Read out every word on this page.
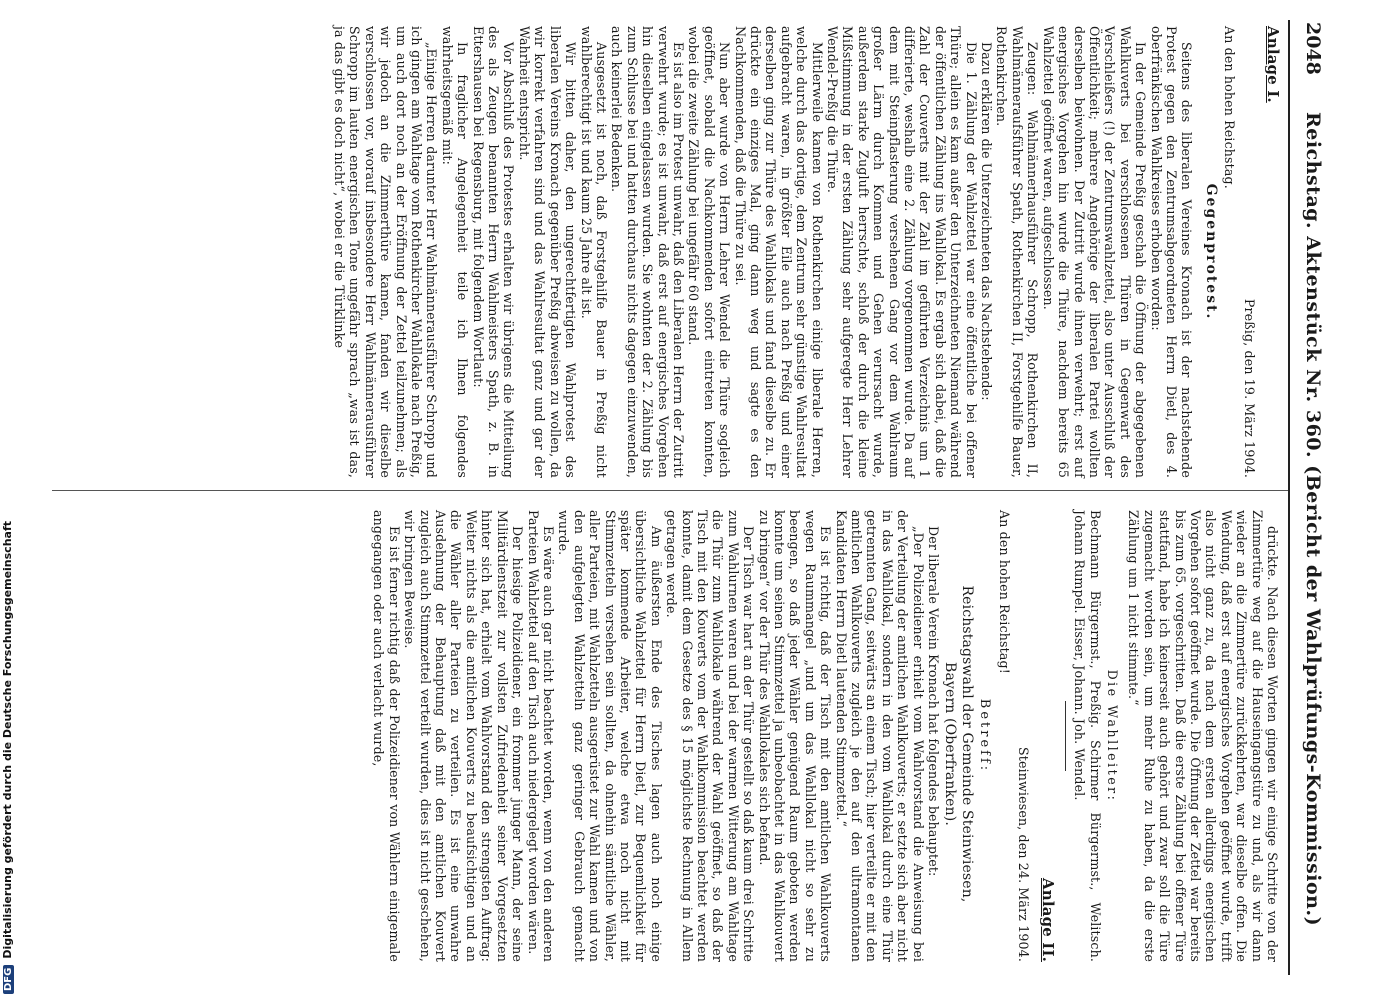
2048
Reichstag. Aktenstück Nr. 360. (Bericht der Wahlprüfungs-Kommission.)
Anlage I.
Preßig, den 19. März 1904.

An den hohen Reichstag.

Gegenprotest.

Seitens des liberalen Vereines Kronach ist der nachstehende Protest gegen den Zentrumsabgeordneten Herrn Dietl, des 4. oberfränkischen Wahlkreises erhoben worden:

In der Gemeinde Preßig geschah die Öffnung der abgegebenen Wahlkuverts bei verschlossenen Thüren in Gegenwart des Verschleißers (!) der Zentrumswahlzettel, also unter Ausschluß der Öffentlichkeit; mehrere Angehörige der liberalen Partei wollten derselben beiwohnen. Der Zutritt wurde ihnen verwehrt; erst auf energisches Vorgehen hin wurde die Thüre, nachdem bereits 65 Wahlzettel geöffnet waren, aufgeschlossen.

Zeugen: Wahlmännerhausführer Schropp, Rothenkirchen II, Wahlmänneraufsführer Spath, Rothenkirchen II, Forstgehilfe Bauer, Rothenkirchen.

Dazu erklären die Unterzeichneten das Nachstehende:

Die 1. Zählung der Wahlzettel war eine öffentliche bei offener Thüre; allein es kam außer den Unterzeichneten Niemand während der öffentlichen Zählung ins Wahllokal. Es ergab sich dabei, daß die Zahl der Couverts mit der Zahl im geführten Verzeichnis um 1 differierte, weshalb eine 2. Zählung vorgenommen wurde. Da auf dem mit Steinpflasterung versehenen Gang vor dem Wahlraum großer Lärm durch Kommen und Gehen verursacht wurde, außerdem starke Zugluft herrschte, schloß der durch die kleine Mißstimmung in der ersten Zählung sehr aufgeregte Herr Lehrer Wendel-Preßig die Thüre.

Mittlerweile kamen von Rothenkirchen einige liberale Herren, welche durch das dortige, dem Zentrum sehr günstige Wahlresultat aufgebracht waren, in größter Eile auch nach Preßig und einer derselben ging zur Thüre des Wahllokals und fand dieselbe zu. Er drückte ein einziges Mal, ging dann weg und sagte es den Nachkommenden, daß die Thüre zu sei.

Nun aber wurde von Herrn Lehrer Wendel die Thüre sogleich geöffnet, sobald die Nachkommenden sofort eintreten konnten, wobei die zweite Zählung bei ungefähr 60 stand.

Es ist also im Protest unwahr, daß den Liberalen Herrn der Zutritt verwehrt wurde; es ist unwahr, daß erst auf energisches Vorgehen hin dieselben eingelassen wurden. Sie wohnten der 2. Zählung bis zum Schlusse bei und hatten durchaus nichts dagegen einzuwenden, auch keinerlei Bedenken.

Ausgesetzt ist noch, daß Forstgehilfe Bauer in Preßig nicht wahlberechtigt ist und kaum 25 Jahre alt ist.

Wir bitten daher, den ungerechtfertigten Wahlprotest des liberalen Vereins Kronach gegenüber Preßig abweisen zu wollen, da wir korrekt verfahren sind und das Wahlresultat ganz und gar der Wahrheit entspricht.

Vor Abschluß des Protestes erhalten wir übrigens die Mitteilung des als Zeugen benannten Herrn Wahlmeisters Spath, z. B. in Ettershausen bei Regensburg, mit folgendem Wortlaut:

In fraglicher Angelegenheit teile ich Ihnen folgendes wahrheitsgemäß mit:

„Einige Herren darunter Herr Wahlmännerausführer Schropp und ich gingen am Wahltage vom Rothenkircher Wahllokale nach Preßig, um auch dort noch an der Eröffnung der Zettel teilzunehmen; als wir jedoch an die Zimmerthüre kamen, fanden wir dieselbe verschlossen vor, worauf insbesondere Herr Wahlmännerausführer Schropp im lauten energischen Tone ungefähr sprach „was ist das, ja das gibt es doch nicht“, wobei er die Türklinke

drückte. Nach diesen Worten gingen wir einige Schritte von der Zimmertüre weg auf die Hauseingangstüre zu und, als wir dann wieder an die Zimmertüre zurückkehrten, war dieselbe offen. Die Wendung, daß erst auf energisches Vorgehen geöffnet wurde, trifft also nicht ganz zu, da nach dem ersten allerdings energischen Vorgehen sofort geöffnet wurde. Die Öffnung der Zettel war bereits bis zum 65. vorgeschritten. Daß die erste Zählung bei offener Türe stattfand, habe ich keinerseit auch gehört und zwar soll die Türe zugemacht worden sein, um mehr Ruhe zu haben, da die erste Zählung um 1 nicht stimmte.“

Die Wahlleiter:

Bechmann Bürgermst., Preßig. Schirmer Bürgermst., Welitsch. Johann Rumpel. Eisser, Johann. Joh. Wendel.

Anlage II.
Steinwiesen, den 24. März 1904.

An den hohen Reichstag!

Betreff:

Reichstagswahl der Gemeinde Steinwiesen,

Bayern (Oberfranken).

Der liberale Verein Kronach hat folgendes behauptet:

„Der Polizeidiener erhielt vom Wahlvorstand die Anweisung bei der Verteilung der amtlichen Wahlkouverts; er setzte sich aber nicht in das Wahllokal, sondern in den vom Wahllokal durch eine Thür getrennten Gang, seitwärts an einem Tisch; hier verteilte er mit den amtlichen Wahlkouverts zugleich je den auf den ultramontanen Kandidaten Herrn Dietl lautenden Stimmzettel.“

Es ist richtig, daß der Tisch mit den amtlichen Wahlkouverts wegen Raummangel „und um das Wahllokal nicht so sehr zu beengen, so daß jeder Wähler genügend Raum geboten werden konnte um seinen Stimmzettel ja unbeobachtet in das Wahlkouvert zu bringen“ vor der Thür des Wahllokales sich befand.

Der Tisch war hart an der Thür gestellt so daß kaum drei Schritte zum Wahlurnen waren und bei der warmen Witterung am Wahltage die Thür zum Wahllokale während der Wahl geöffnet, so daß der Tisch mit den Kouverts vom der Wahlkommission beachtet werden konnte, damit dem Gesetze des § 15 möglichste Rechnung in Allem getragen werde.

Am äußersten Ende des Tisches lagen auch noch einige übersichtliche Wahlzettel für Herrn Dietl, zur Bequemlichkeit für später kommende Arbeiter, welche etwa noch nicht mit Stimmzetteln versehen sein sollten, da ohnehin sämtliche Wähler, aller Parteien, mit Wahlzetteln ausgerüstet zur Wahl kamen und von den aufgelegten Wahlzetteln ganz geringer Gebrauch gemacht wurde.

Es wäre auch gar nicht beachtet worden, wenn von den anderen Parteien Wahlzettel auf den Tisch auch niedergelegt worden wären.

Der hiesige Polizeidiener, ein frommer junger Mann, der seine Militärdienstzeit zur vollsten Zufriedenheit seiner Vorgesetzten hinter sich hat, erhielt vom Wahlvorstand den strengsten Auftrag: Weiter nichts als die amtlichen Kouverts zu beaufsichtigen und an die Wähler aller Parteien zu verteilen. Es ist eine unwahre Ausdehnung der Behauptung daß mit den amtlichen Kouvert zugleich auch Stimmzettel verteilt wurden, dies ist nicht geschehen, wir bringen Beweise.

Es ist ferner richtig daß der Polizeidiener von Wählern einigemale angegangen oder auch verlacht wurde,

DFGDigitalisierung gefördert durch die Deutsche Forschungsgemeinschaft
